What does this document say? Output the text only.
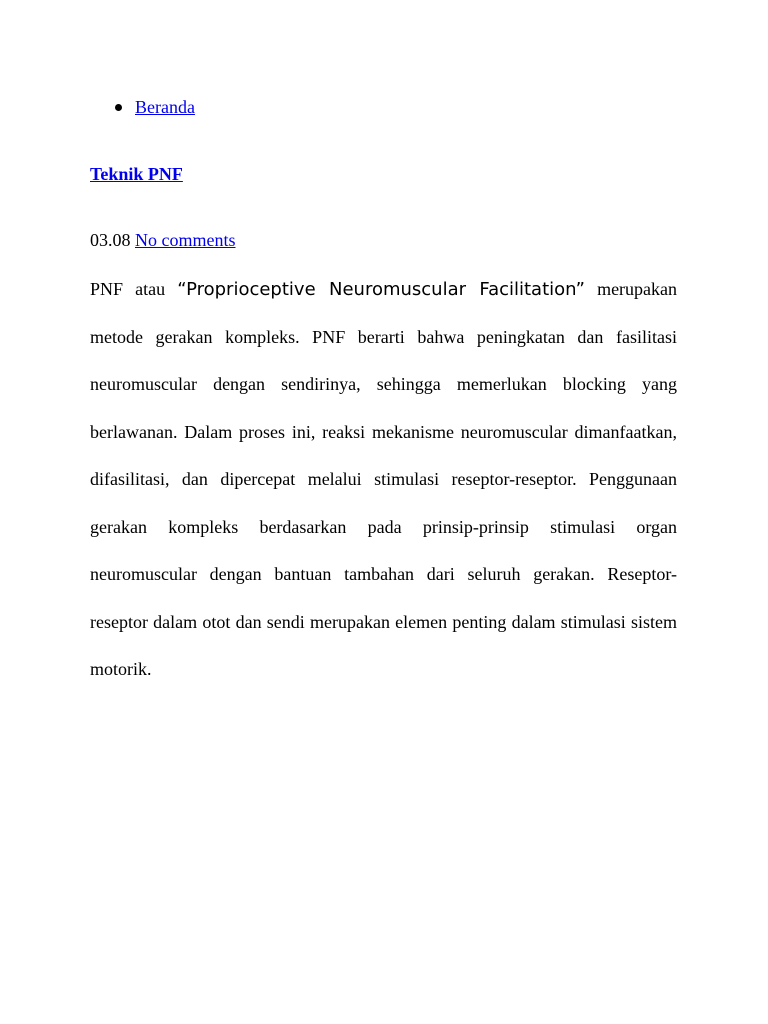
Beranda
Teknik PNF
03.08 No comments

PNF atau “Proprioceptive Neuromuscular Facilitation” merupakan metode gerakan kompleks. PNF berarti bahwa peningkatan dan fasilitasi neuromuscular dengan sendirinya, sehingga memerlukan blocking yang berlawanan. Dalam proses ini, reaksi mekanisme neuromuscular dimanfaatkan, difasilitasi, dan dipercepat melalui stimulasi reseptor-reseptor. Penggunaan gerakan kompleks berdasarkan pada prinsip-prinsip stimulasi organ neuromuscular dengan bantuan tambahan dari seluruh gerakan. Reseptor-reseptor dalam otot dan sendi merupakan elemen penting dalam stimulasi sistem motorik.
